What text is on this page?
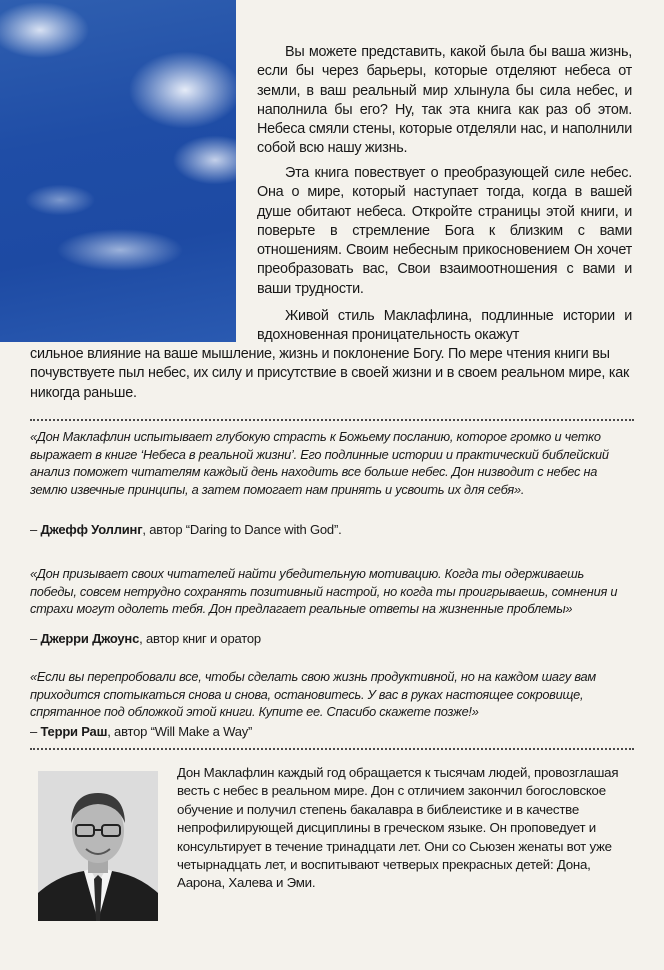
Вы можете представить, какой была бы ваша жизнь, если бы через барьеры, которые отделяют небеса от земли, в ваш реальный мир хлынула бы сила небес, и наполнила бы его? Ну, так эта книга как раз об этом. Небеса смяли стены, которые отделяли нас, и наполнили собой всю нашу жизнь.

Эта книга повествует о преобразующей силе небес. Она о мире, который наступает тогда, когда в вашей душе обитают небеса. Откройте страницы этой книги, и поверьте в стремление Бога к близким с вами отношениям. Своим небесным прикосновением Он хочет преобразовать вас, Свои взаимоотношения с вами и ваши трудности.

Живой стиль Маклафлина, подлинные истории и вдохновенная проницательность окажут

сильное влияние на ваше мышление, жизнь и поклонение Богу. По мере чтения книги вы почувствуете пыл небес, их силу и присутствие в своей жизни и в своем реальном мире, как никогда раньше.

«Дон Маклафлин испытывает глубокую страсть к Божьему посланию, которое громко и четко выражает в книге ‘Небеса в реальной жизни’. Его подлинные истории и практический библейский анализ поможет читателям каждый день находить все больше небес. Дон низводит с небес на землю извечные принципы, а затем помогает нам принять и усвоить их для себя».

– Джефф Уоллинг, автор “Daring to Dance with God”.

«Дон призывает своих читателей найти убедительную мотивацию. Когда ты одерживаешь победы, совсем нетрудно сохранять позитивный настрой, но когда ты проигрываешь, сомнения и страхи могут одолеть тебя. Дон предлагает реальные ответы на жизненные проблемы»

– Джерри Джоунс, автор книг и оратор

«Если вы перепробовали все, чтобы сделать свою жизнь продуктивной, но на каждом шагу вам приходится спотыкаться снова и снова, остановитесь. У вас в руках настоящее сокровище, спрятанное под обложкой этой книги. Купите ее. Спасибо скажете позже!»

– Терри Раш, автор “Will Make a Way”

Дон Маклафлин каждый год обращается к тысячам людей, провозглашая весть с небес в реальном мире. Дон с отличием закончил богословское обучение и получил степень бакалавра в библеистике и в качестве непрофилирующей дисциплины в греческом языке. Он проповедует и консультирует в течение тринадцати лет. Они со Сьюзен женаты вот уже четырнадцать лет, и воспитывают четверых прекрасных детей: Дона, Аарона, Халева и Эми.
